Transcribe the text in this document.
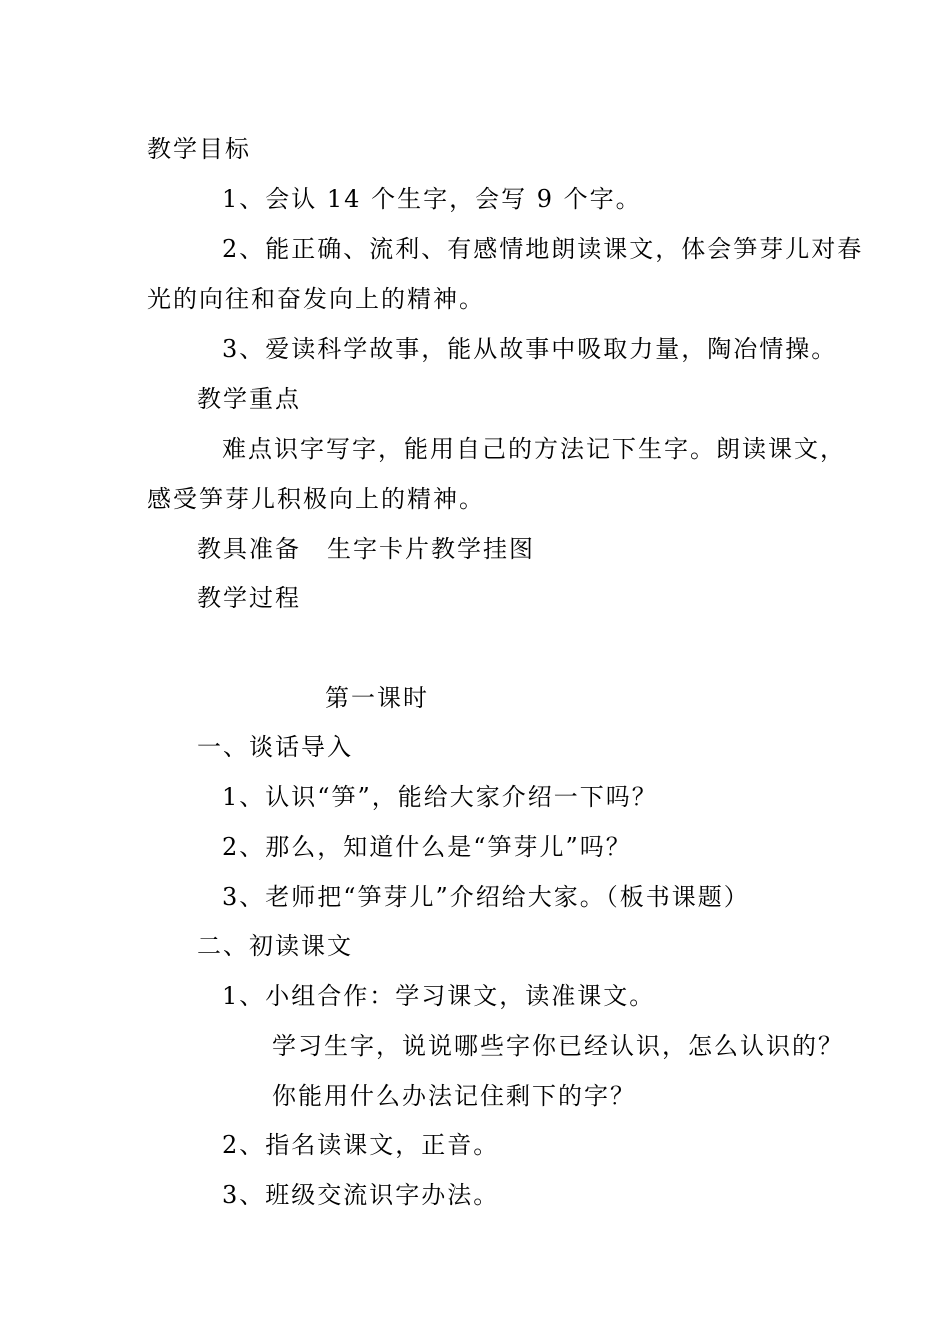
教学目标
1、会认 14 个生字，会写 9 个字。
2、能正确、流利、有感情地朗读课文，体会笋芽儿对春
光的向往和奋发向上的精神。
3、爱读科学故事，能从故事中吸取力量，陶冶情操。
教学重点
难点识字写字，能用自己的方法记下生字。朗读课文，
感受笋芽儿积极向上的精神。
教具准备　生字卡片教学挂图
教学过程
第一课时
一、谈话导入
1、认识“笋”，能给大家介绍一下吗？
2、那么，知道什么是“笋芽儿”吗？
3、老师把“笋芽儿”介绍给大家。（板书课题）
二、初读课文
1、小组合作：学习课文，读准课文。
学习生字，说说哪些字你已经认识，怎么认识的？
你能用什么办法记住剩下的字？
2、指名读课文，正音。
3、班级交流识字办法。
